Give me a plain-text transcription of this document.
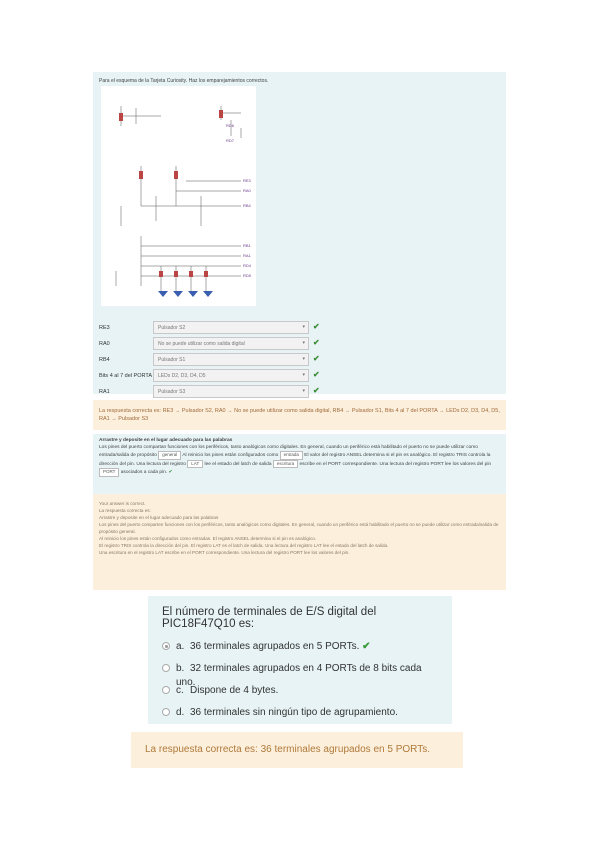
Para el esquema de la Tarjeta Curiosity. Haz los emparejamientos correctos.
RE3
RA0
RB4
RB1
RA1
RD4
RD5
RD6
RD7
RE3	Pulsador S2	▾ ✔
RA0	No se puede utilizar como salida digital	▾ ✔
RB4	Pulsador S1	▾ ✔
Bits 4 al 7 del PORTA	LEDs D2, D3, D4, D5	▾ ✔
RA1	Pulsador S3	▾ ✔
La respuesta correcta es: RE3 → Pulsador S2, RA0 → No se puede utilizar como salida digital, RB4 → Pulsador S1, Bits 4 al 7 del PORTA → LEDs D2, D3, D4, D5, RA1 → Pulsador S3
Arrastre y deposite en el lugar adecuado para las palabras
Los pines del puerto compartan funciones con los periféricos, tanto analógicos como digitales. En general, cuando un periférico está habilitado el puerto no se puede utilizar como entrada/salida de propósito general Al reinicio los pines están configurados como entrada El valor del registro ANSEL determina si el pin es analógico. El registro TRIS controla la dirección del pin. Una lectura del registro LAT lee el estado del latch de salida escritura escribe en el PORT correspondiente. Una lectura del registro PORT lee los valores del pin PORT asociados a cada pin. ✔
Your answer is correct.
La respuesta correcta es:
Arrastre y deposite en el lugar adecuado para las palabras
Los pines del puerto comparten funciones con los periféricos, tanto analógicos como digitales. En general, cuando un periférico está habilitado el puerto no se puede utilizar como entrada/salida de propósito general.
Al reinicio los pines están configurados como entradas. El registro ANSEL determina si el pin es analógico.
El registro TRIS controla la dirección del pin. El registro LAT es el latch de salida. Una lectura del registro LAT lee el estado del latch de salida.
Una escritura en el registro LAT escribe en el PORT correspondiente. Una lectura del registro PORT lee los valores del pin.
El número de terminales de E/S digital del PIC18F47Q10 es:
a. 36 terminales agrupados en 5 PORTs. ✔
b. 32 terminales agrupados en 4 PORTs de 8 bits cada uno.
c. Dispone de 4 bytes.
d. 36 terminales sin ningún tipo de agrupamiento.
La respuesta correcta es: 36 terminales agrupados en 5 PORTs.
